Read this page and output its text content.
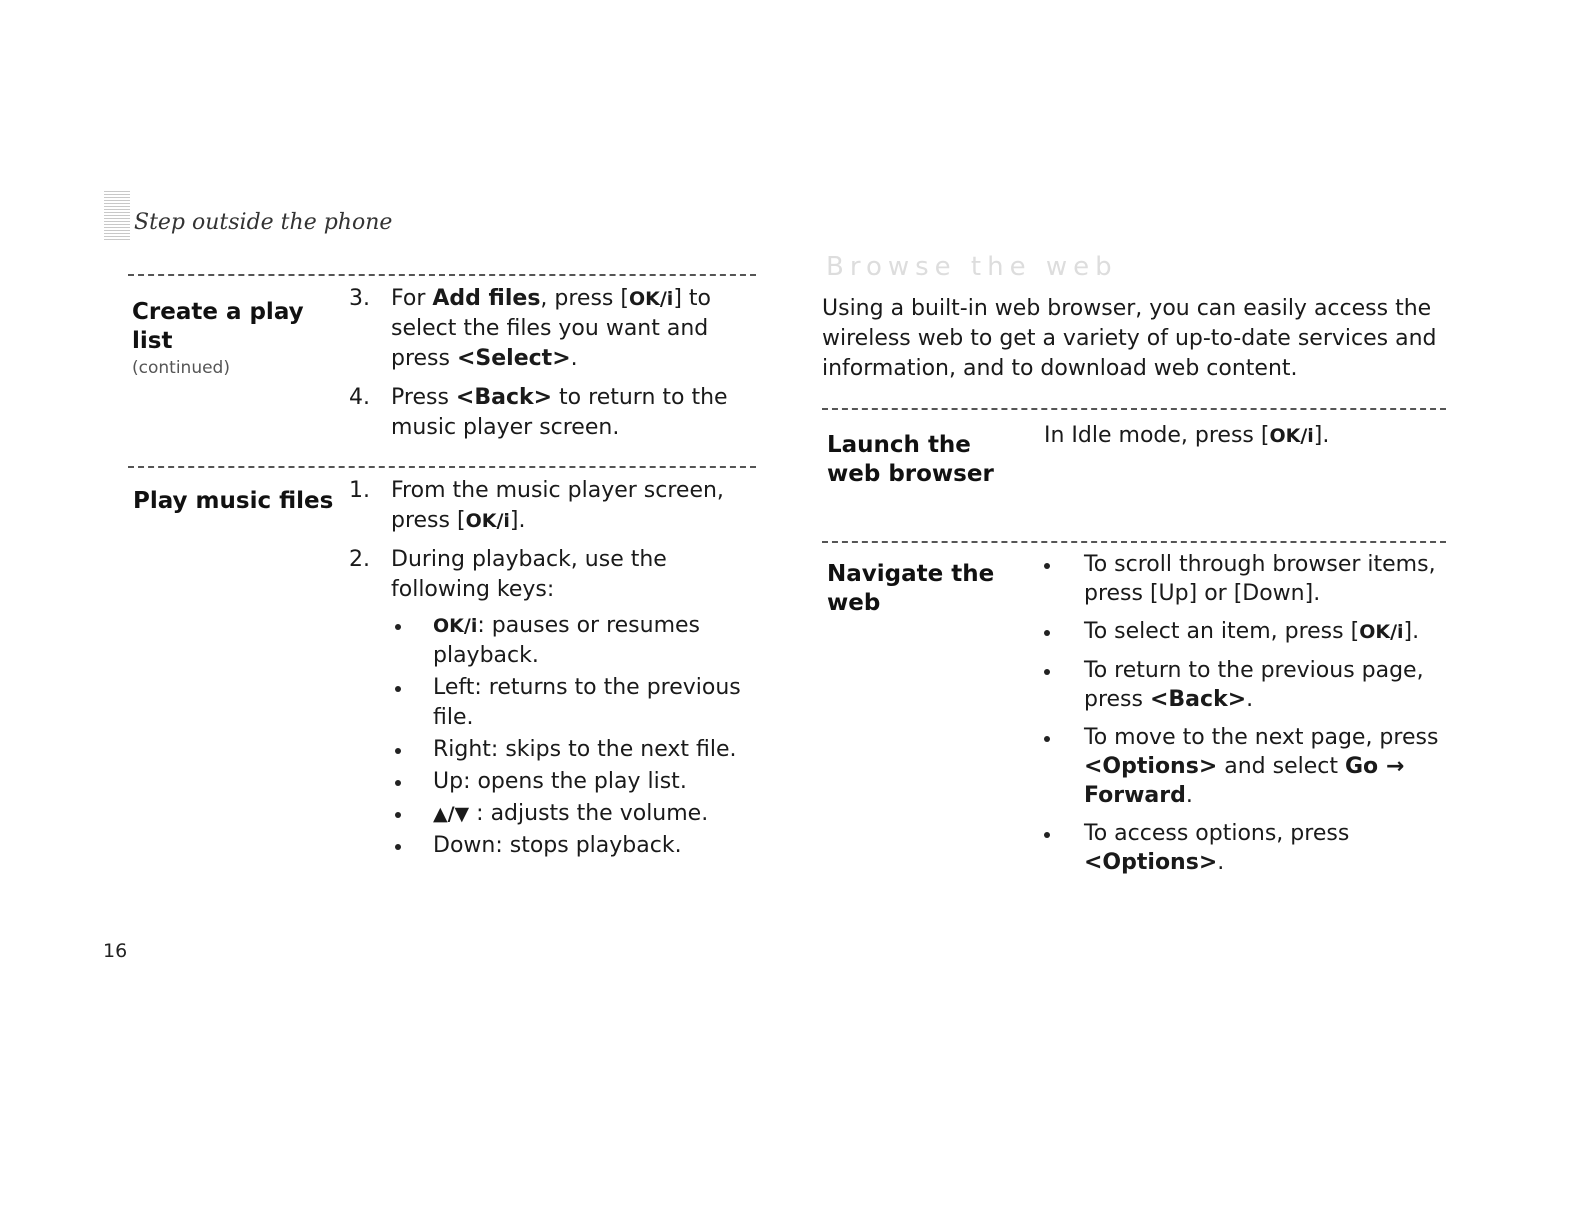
Step outside the phone
Create a play list
(continued)
3. For Add files, press [OK/i] to select the files you want and press <Select>.
4. Press <Back> to return to the music player screen.
Play music files 1. From the music player screen, press [OK/i].
2. During playback, use the following keys:
OK/i: pauses or resumes playback.
Left: returns to the previous file.
Right: skips to the next file.
Up: opens the play list.
▲/▼ : adjusts the volume.
Down: stops playback.
Browse the web
Using a built-in web browser, you can easily access the wireless web to get a variety of up-to-date services and information, and to download web content.
Launch the web browser
In Idle mode, press [OK/i].
Navigate the web
To scroll through browser items, press [Up] or [Down].
To select an item, press [OK/i].
To return to the previous page, press <Back>.
To move to the next page, press <Options> and select Go → Forward.
To access options, press <Options>.
16
